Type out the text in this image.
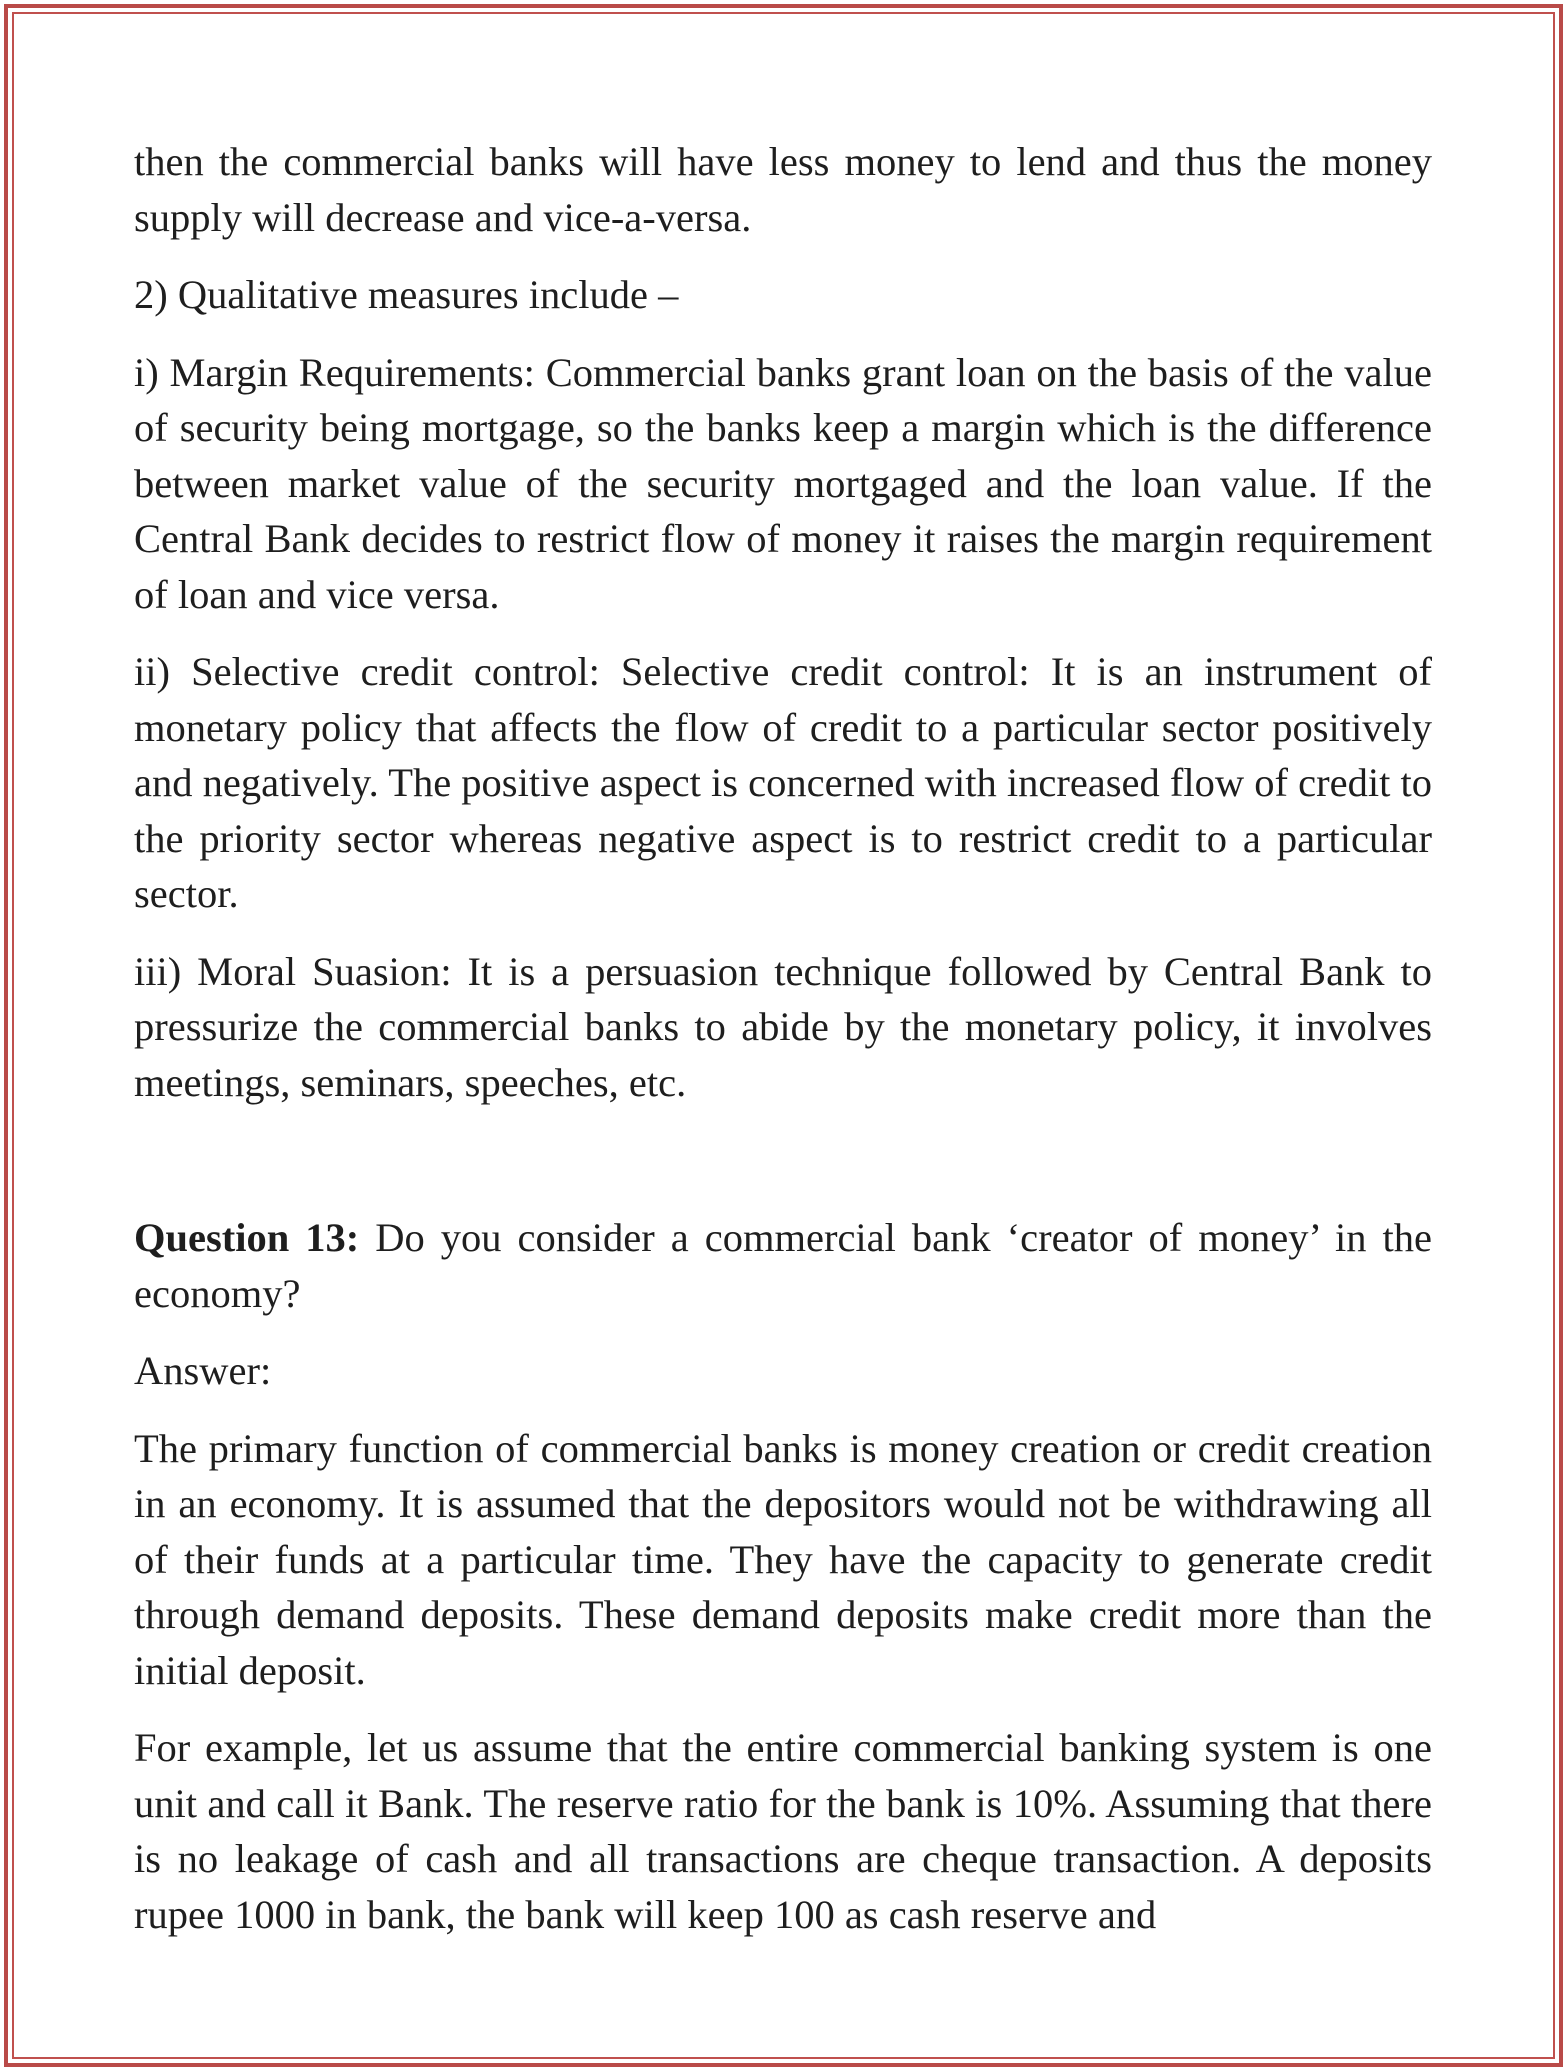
then the commercial banks will have less money to lend and thus the money supply will decrease and vice-a-versa.

2) Qualitative measures include –

i) Margin Requirements: Commercial banks grant loan on the basis of the value of security being mortgage, so the banks keep a margin which is the difference between market value of the security mortgaged and the loan value. If the Central Bank decides to restrict flow of money it raises the margin requirement of loan and vice versa.

ii) Selective credit control: Selective credit control: It is an instrument of monetary policy that affects the flow of credit to a particular sector positively and negatively. The positive aspect is concerned with increased flow of credit to the priority sector whereas negative aspect is to restrict credit to a particular sector.

iii) Moral Suasion: It is a persuasion technique followed by Central Bank to pressurize the commercial banks to abide by the monetary policy, it involves meetings, seminars, speeches, etc.

Question 13: Do you consider a commercial bank ‘creator of money’ in the economy?

Answer:

The primary function of commercial banks is money creation or credit creation in an economy. It is assumed that the depositors would not be withdrawing all of their funds at a particular time. They have the capacity to generate credit through demand deposits. These demand deposits make credit more than the initial deposit.

For example, let us assume that the entire commercial banking system is one unit and call it Bank. The reserve ratio for the bank is 10%. Assuming that there is no leakage of cash and all transactions are cheque transaction. A deposits rupee 1000 in bank, the bank will keep 100 as cash reserve and
